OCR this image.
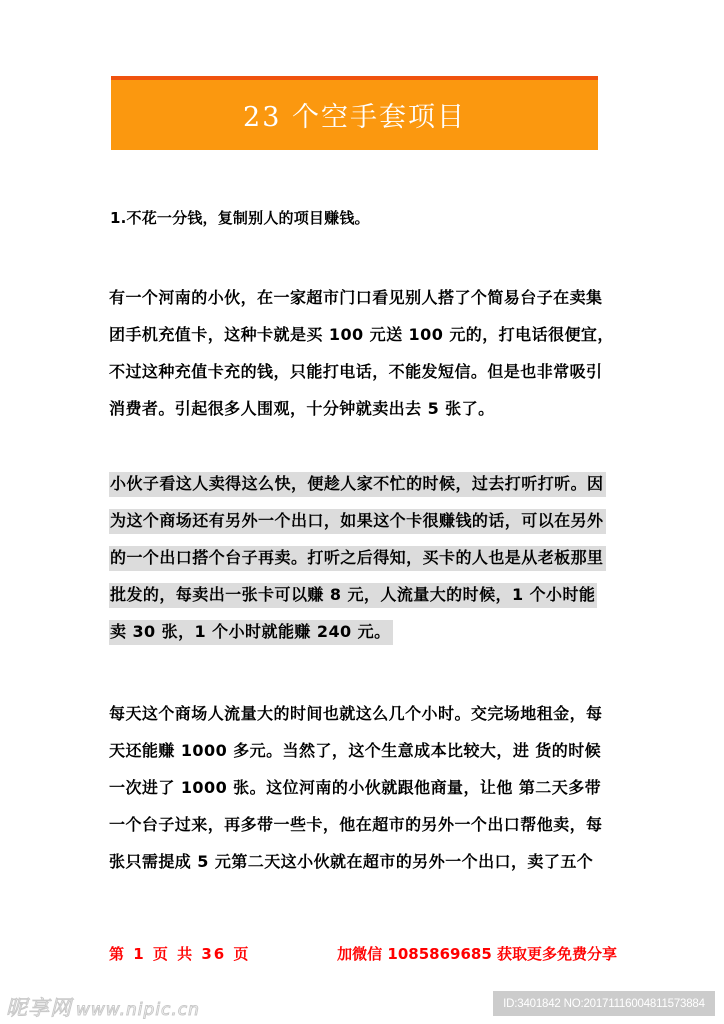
23 个空手套项目
1.不花一分钱，复制别人的项目赚钱。
有一个河南的小伙，在一家超市门口看见别人搭了个简易台子在卖集
团手机充值卡，这种卡就是买 100 元送 100 元的，打电话很便宜，
不过这种充值卡充的钱，只能打电话，不能发短信。但是也非常吸引
消费者。引起很多人围观，十分钟就卖出去 5 张了。
小伙子看这人卖得这么快，便趁人家不忙的时候，过去打听打听。因
为这个商场还有另外一个出口，如果这个卡很赚钱的话，可以在另外
的一个出口搭个台子再卖。打听之后得知，买卡的人也是从老板那里
批发的，每卖出一张卡可以赚 8 元，人流量大的时候，1 个小时能
卖 30 张，1 个小时就能赚 240 元。
每天这个商场人流量大的时间也就这么几个小时。交完场地租金，每
天还能赚 1000 多元。当然了，这个生意成本比较大，进 货的时候
一次进了 1000 张。这位河南的小伙就跟他商量，让他 第二天多带
一个台子过来，再多带一些卡，他在超市的另外一个出口帮他卖，每
张只需提成 5 元第二天这小伙就在超市的另外一个出口，卖了五个
第 1 页 共 36 页	加微信 1085869685 获取更多免费分享
昵享网 www.nipic.cn	ID:3401842 NO:20171116004811573884
